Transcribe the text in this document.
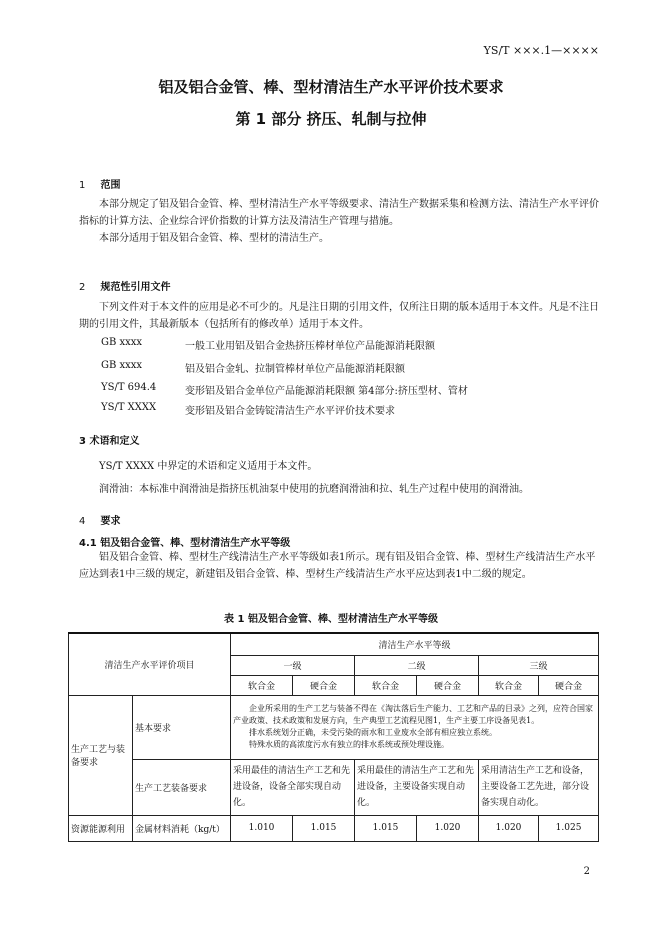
YS/T ×××.1—××××
铝及铝合金管、棒、型材清洁生产水平评价技术要求
第 1 部分 挤压、轧制与拉伸
1 范围
本部分规定了铝及铝合金管、棒、型材清洁生产水平等级要求、清洁生产数据采集和检测方法、清洁生产水平评价指标的计算方法、企业综合评价指数的计算方法及清洁生产管理与措施。
本部分适用于铝及铝合金管、棒、型材的清洁生产。
2 规范性引用文件
下列文件对于本文件的应用是必不可少的。凡是注日期的引用文件，仅所注日期的版本适用于本文件。凡是不注日期的引用文件，其最新版本（包括所有的修改单）适用于本文件。
GB xxxx	一般工业用铝及铝合金热挤压棒材单位产品能源消耗限额
GB xxxx	铝及铝合金轧、拉制管棒材单位产品能源消耗限额
YS/T 694.4	变形铝及铝合金单位产品能源消耗限额 第4部分:挤压型材、管材
YS/T XXXX	变形铝及铝合金铸锭清洁生产水平评价技术要求
3 术语和定义
YS/T XXXX 中界定的术语和定义适用于本文件。
润滑油：本标准中润滑油是指挤压机油泵中使用的抗磨润滑油和拉、轧生产过程中使用的润滑油。
4 要求
4.1 铝及铝合金管、棒、型材清洁生产水平等级
铝及铝合金管、棒、型材生产线清洁生产水平等级如表1所示。现有铝及铝合金管、棒、型材生产线清洁生产水平应达到表1中三级的规定，新建铝及铝合金管、棒、型材生产线清洁生产水平应达到表1中二级的规定。
表 1 铝及铝合金管、棒、型材清洁生产水平等级
清洁生产水平评价项目		清洁生产水平等级					
		一级		二级		三级	
		软合金	硬合金	软合金	硬合金	软合金	硬合金
生产工艺与装备要求	基本要求	企业所采用的生产工艺与装备不得在《淘汰落后生产能力、工艺和产品的目录》之列，应符合国家产业政策、技术政策和发展方向，生产典型工艺流程见图1，生产主要工序设备见表1。
排水系统划分正确，未受污染的雨水和工业废水全部有相应独立系统。
特殊水质的高浓度污水有独立的排水系统或预处理设施。					

	生产工艺装备要求	采用最佳的清洁生产工艺和先进设备，设备全部实现自动化。		采用最佳的清洁生产工艺和先进设备，主要设备实现自动化。		采用清洁生产工艺和设备，主要设备工艺先进，部分设备实现自动化。	
资源能源利用	金属材料消耗（kg/t）	1.010	1.015	1.015	1.020	1.020	1.025
2
